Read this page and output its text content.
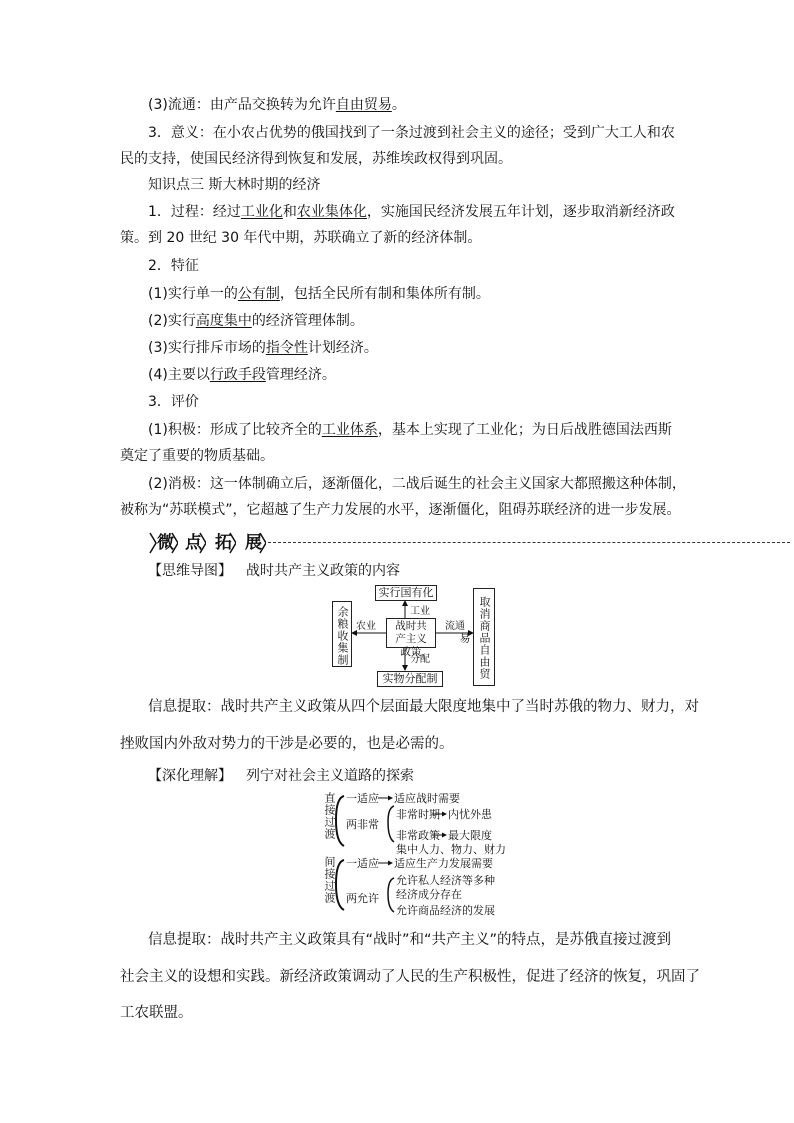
(3)流通：由产品交换转为允许自由贸易。
3．意义：在小农占优势的俄国找到了一条过渡到社会主义的途径；受到广大工人和农
民的支持，使国民经济得到恢复和发展，苏维埃政权得到巩固。
知识点三 斯大林时期的经济
1．过程：经过工业化和农业集体化，实施国民经济发展五年计划，逐步取消新经济政
策。到 20 世纪 30 年代中期，苏联确立了新的经济体制。
2．特征
(1)实行单一的公有制，包括全民所有制和集体所有制。
(2)实行高度集中的经济管理体制。
(3)实行排斥市场的指令性计划经济。
(4)主要以行政手段管理经济。
3．评价
(1)积极：形成了比较齐全的工业体系，基本上实现了工业化；为日后战胜德国法西斯
奠定了重要的物质基础。
(2)消极：这一体制确立后，逐渐僵化，二战后诞生的社会主义国家大都照搬这种体制，
被称为“苏联模式”，它超越了生产力发展的水平，逐渐僵化，阻碍苏联经济的进一步发展。
微 点 拓 展
【思维导图】 战时共产主义政策的内容
实行国有化
实物分配制
战时共产主义政策
余粮收集制	取消商品自由贸易
工业
分配
农业	流通
信息提取：战时共产主义政策从四个层面最大限度地集中了当时苏俄的物力、财力，对
挫败国内外敌对势力的干涉是必要的，也是必需的。
【深化理解】 列宁对社会主义道路的探索
直接过渡 一适应 适应战时需要
两非常
非常时期 内忧外患
非常政策 最大限度
集中人力、物力、财力
间接过渡 一适应 适应生产力发展需要
两允许
允许私人经济等多种
经济成分存在
允许商品经济的发展
信息提取：战时共产主义政策具有“战时”和“共产主义”的特点，是苏俄直接过渡到
社会主义的设想和实践。新经济政策调动了人民的生产积极性，促进了经济的恢复，巩固了
工农联盟。
